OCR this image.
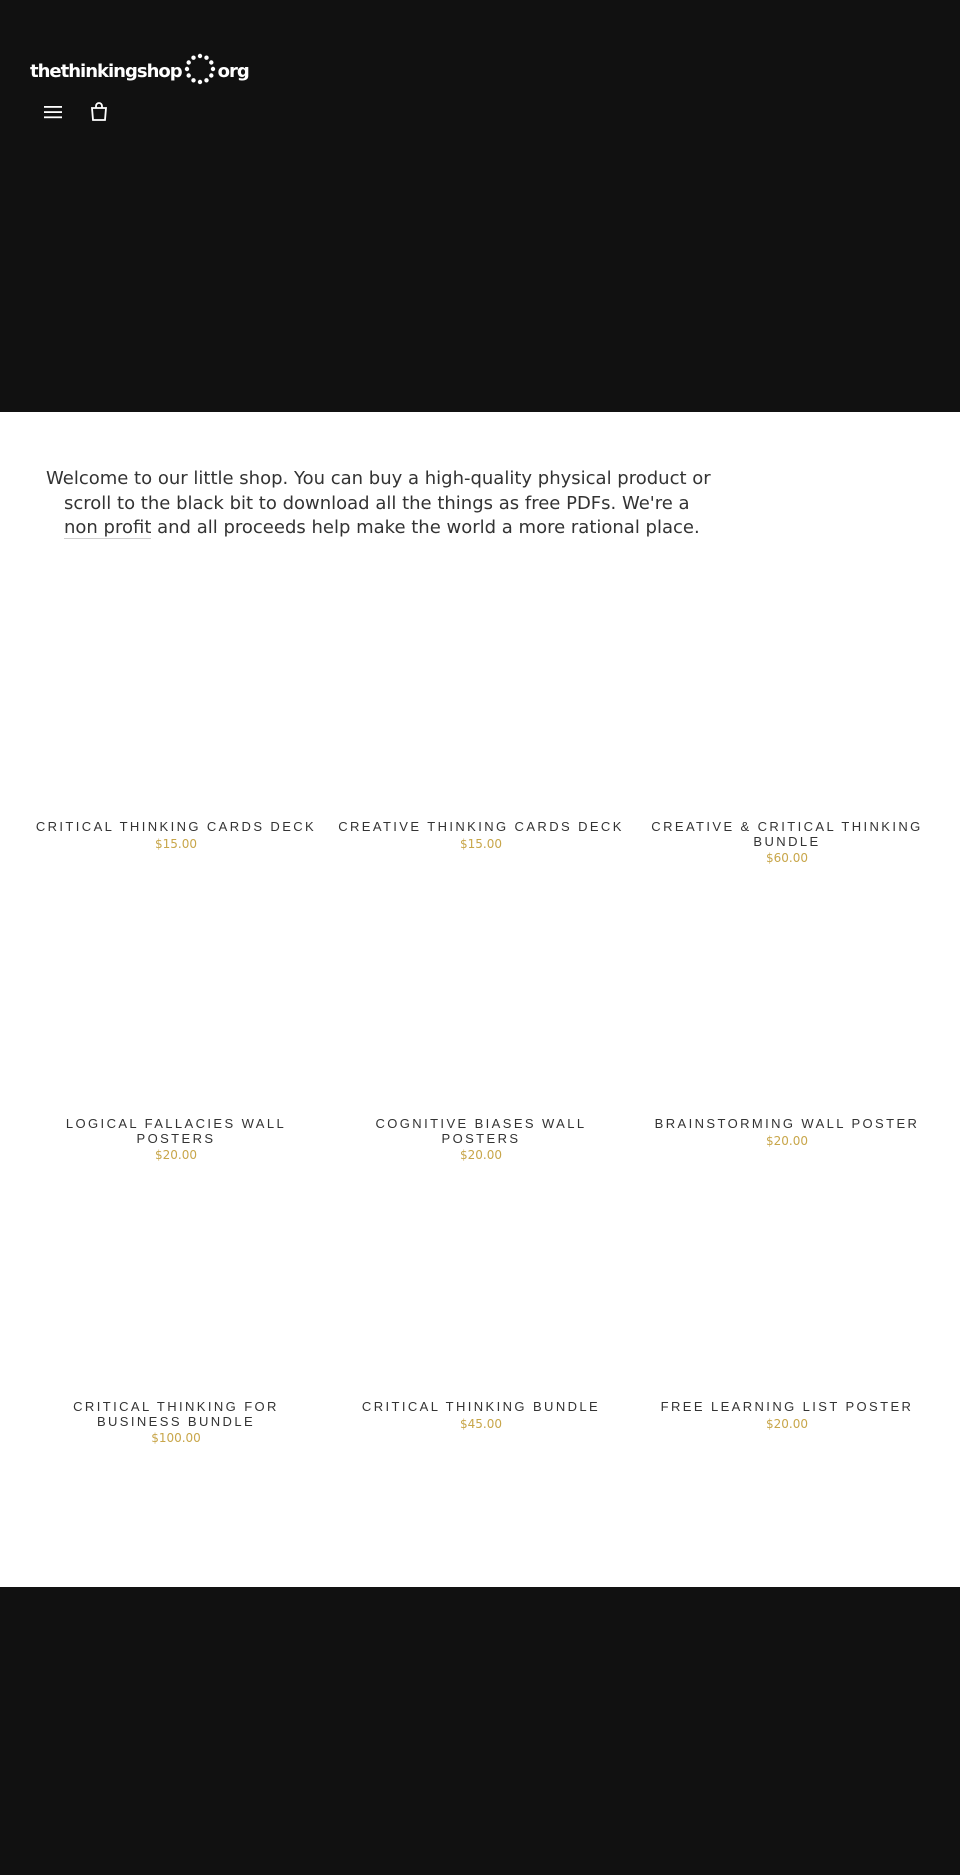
thethinkingshop org
Welcome to our little shop. You can buy a high-quality physical product or scroll to the black bit to download all the things as free PDFs. We're a non profit and all proceeds help make the world a more rational place.
CRITICAL THINKING CARDS DECK
$15.00
CREATIVE THINKING CARDS DECK
$15.00
CREATIVE & CRITICAL THINKING BUNDLE
$60.00
LOGICAL FALLACIES WALL POSTERS
$20.00
COGNITIVE BIASES WALL POSTERS
$20.00
BRAINSTORMING WALL POSTER
$20.00
CRITICAL THINKING FOR BUSINESS BUNDLE
$100.00
CRITICAL THINKING BUNDLE
$45.00
FREE LEARNING LIST POSTER
$20.00
